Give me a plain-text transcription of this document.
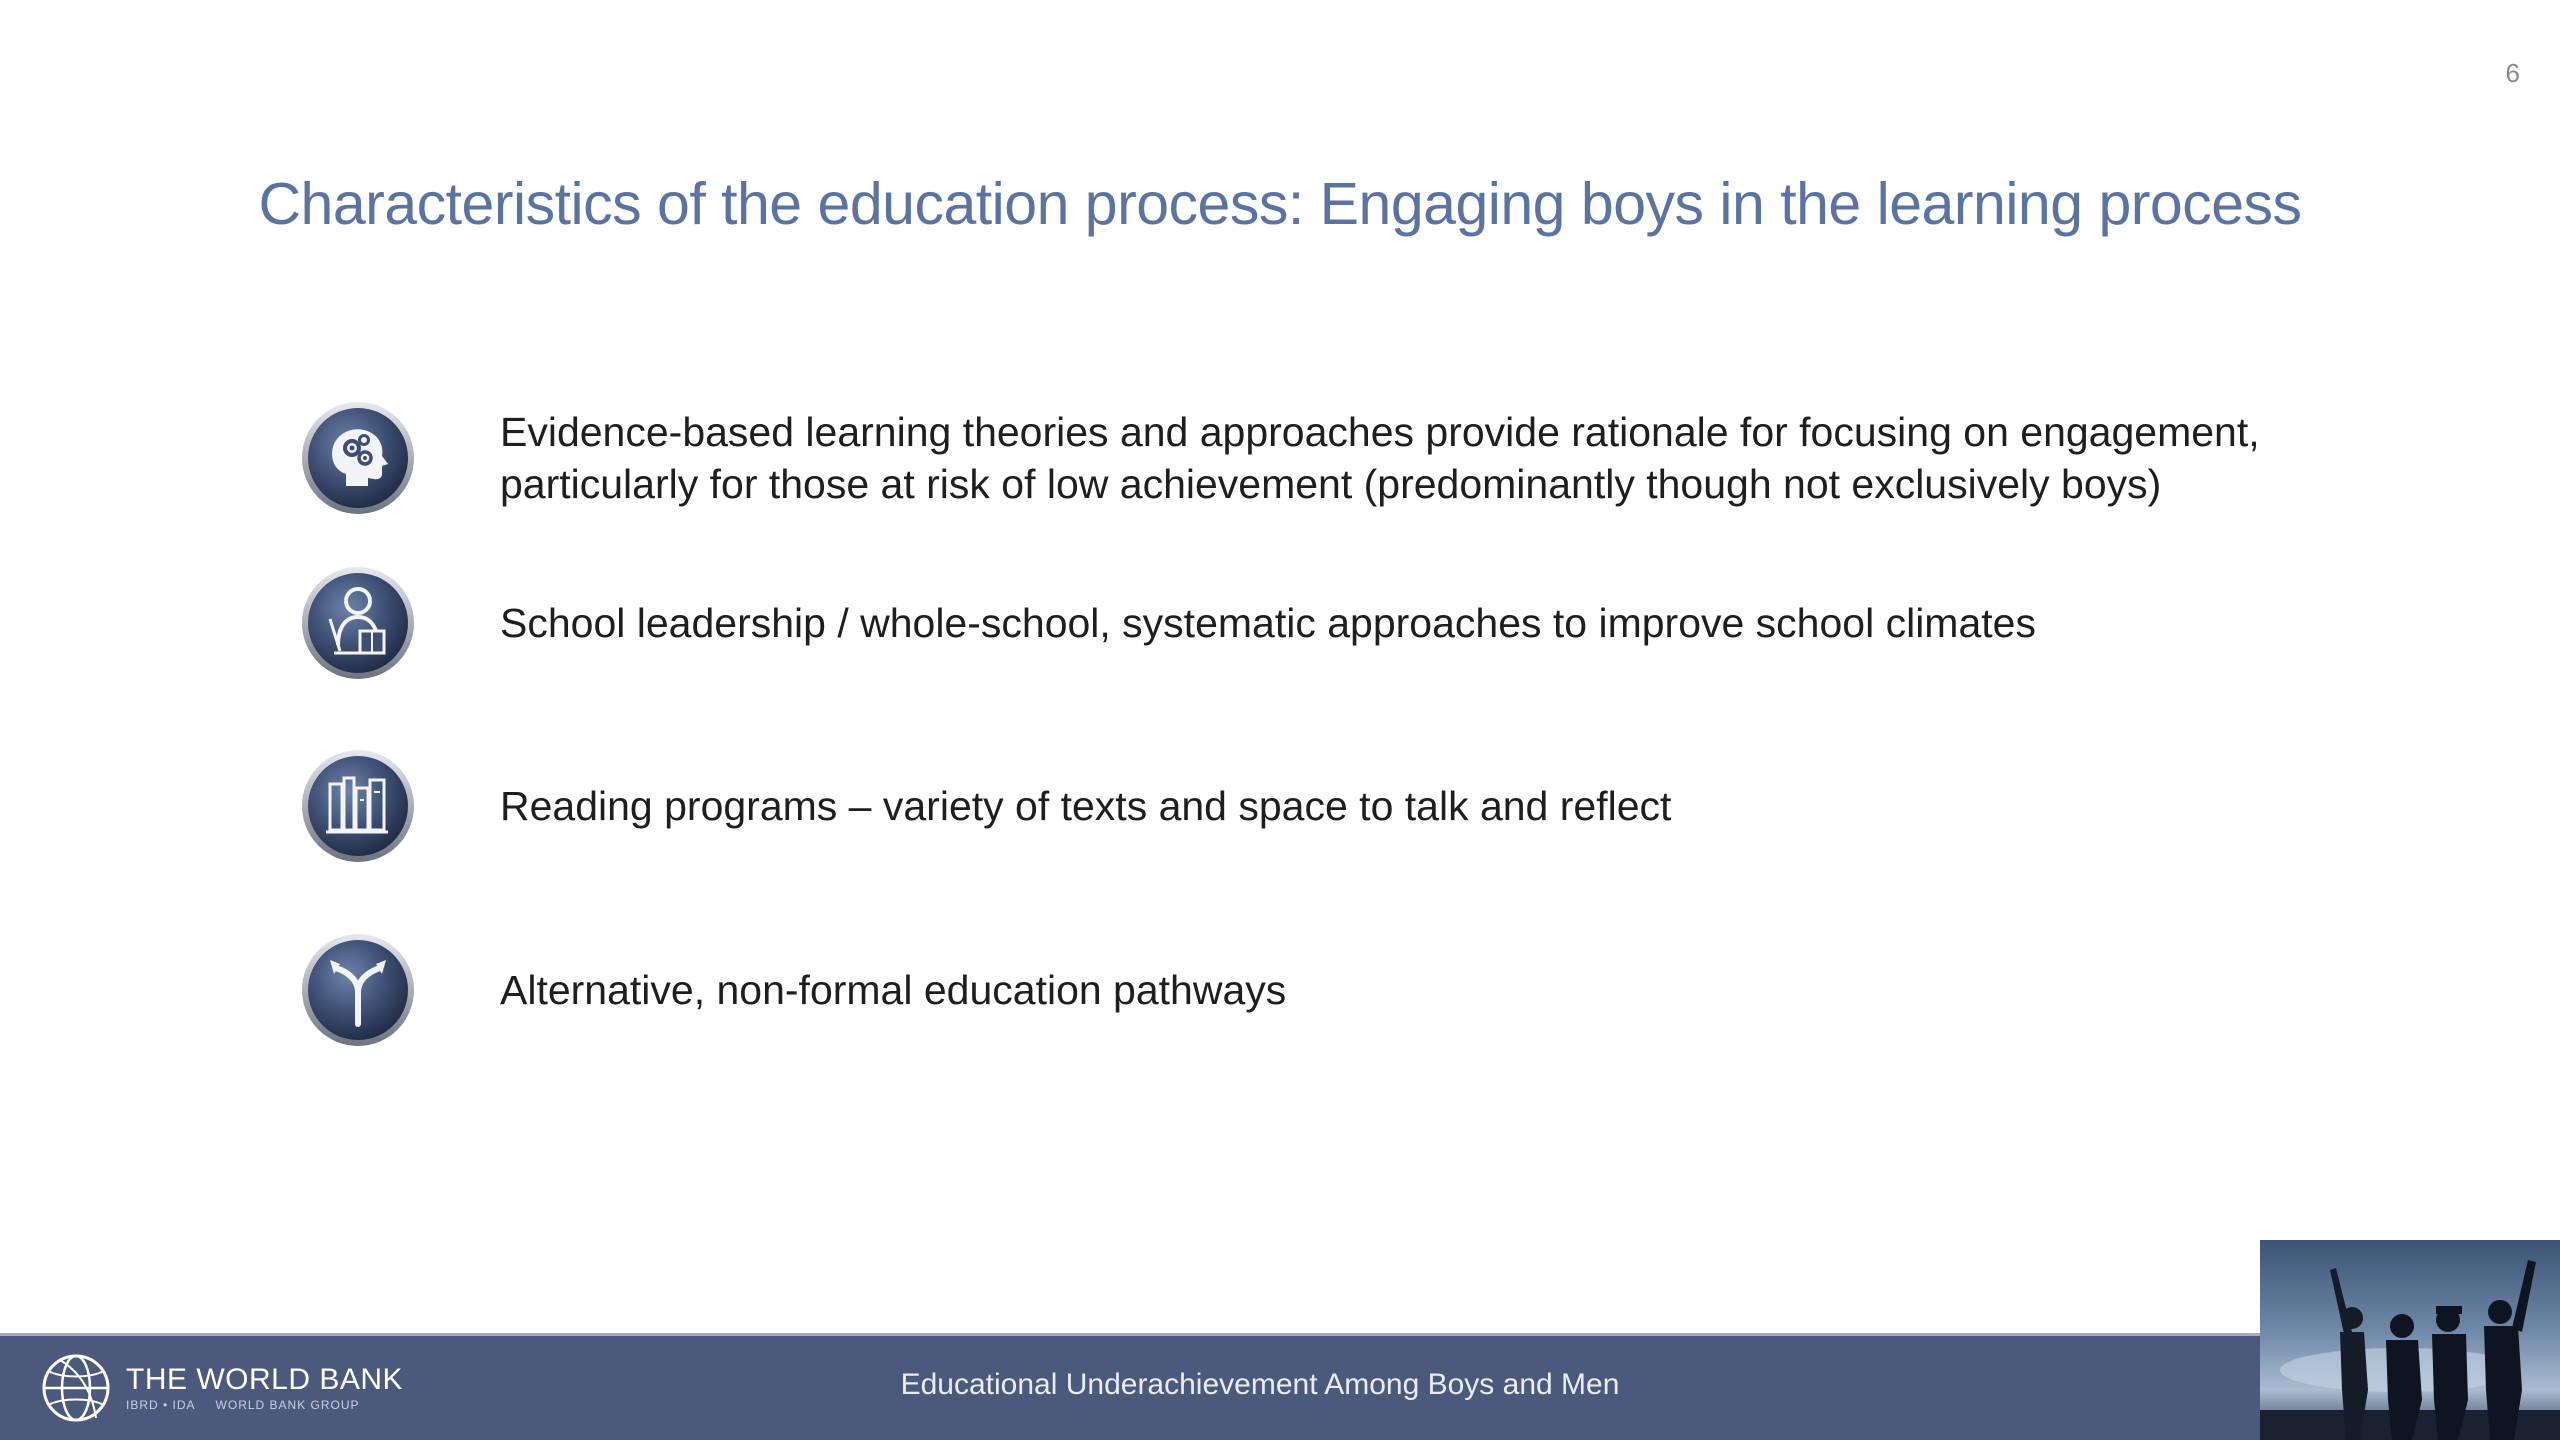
6
Characteristics of the education process: Engaging boys in the learning process
Evidence-based learning theories and approaches provide rationale for focusing on engagement,
particularly for those at risk of low achievement (predominantly though not exclusively boys)
School leadership / whole-school, systematic approaches to improve school climates
Reading programs – variety of texts and space to talk and reflect
Alternative, non-formal education pathways
THE WORLD BANK
IBRD • IDA WORLD BANK GROUP
Educational Underachievement Among Boys and Men
